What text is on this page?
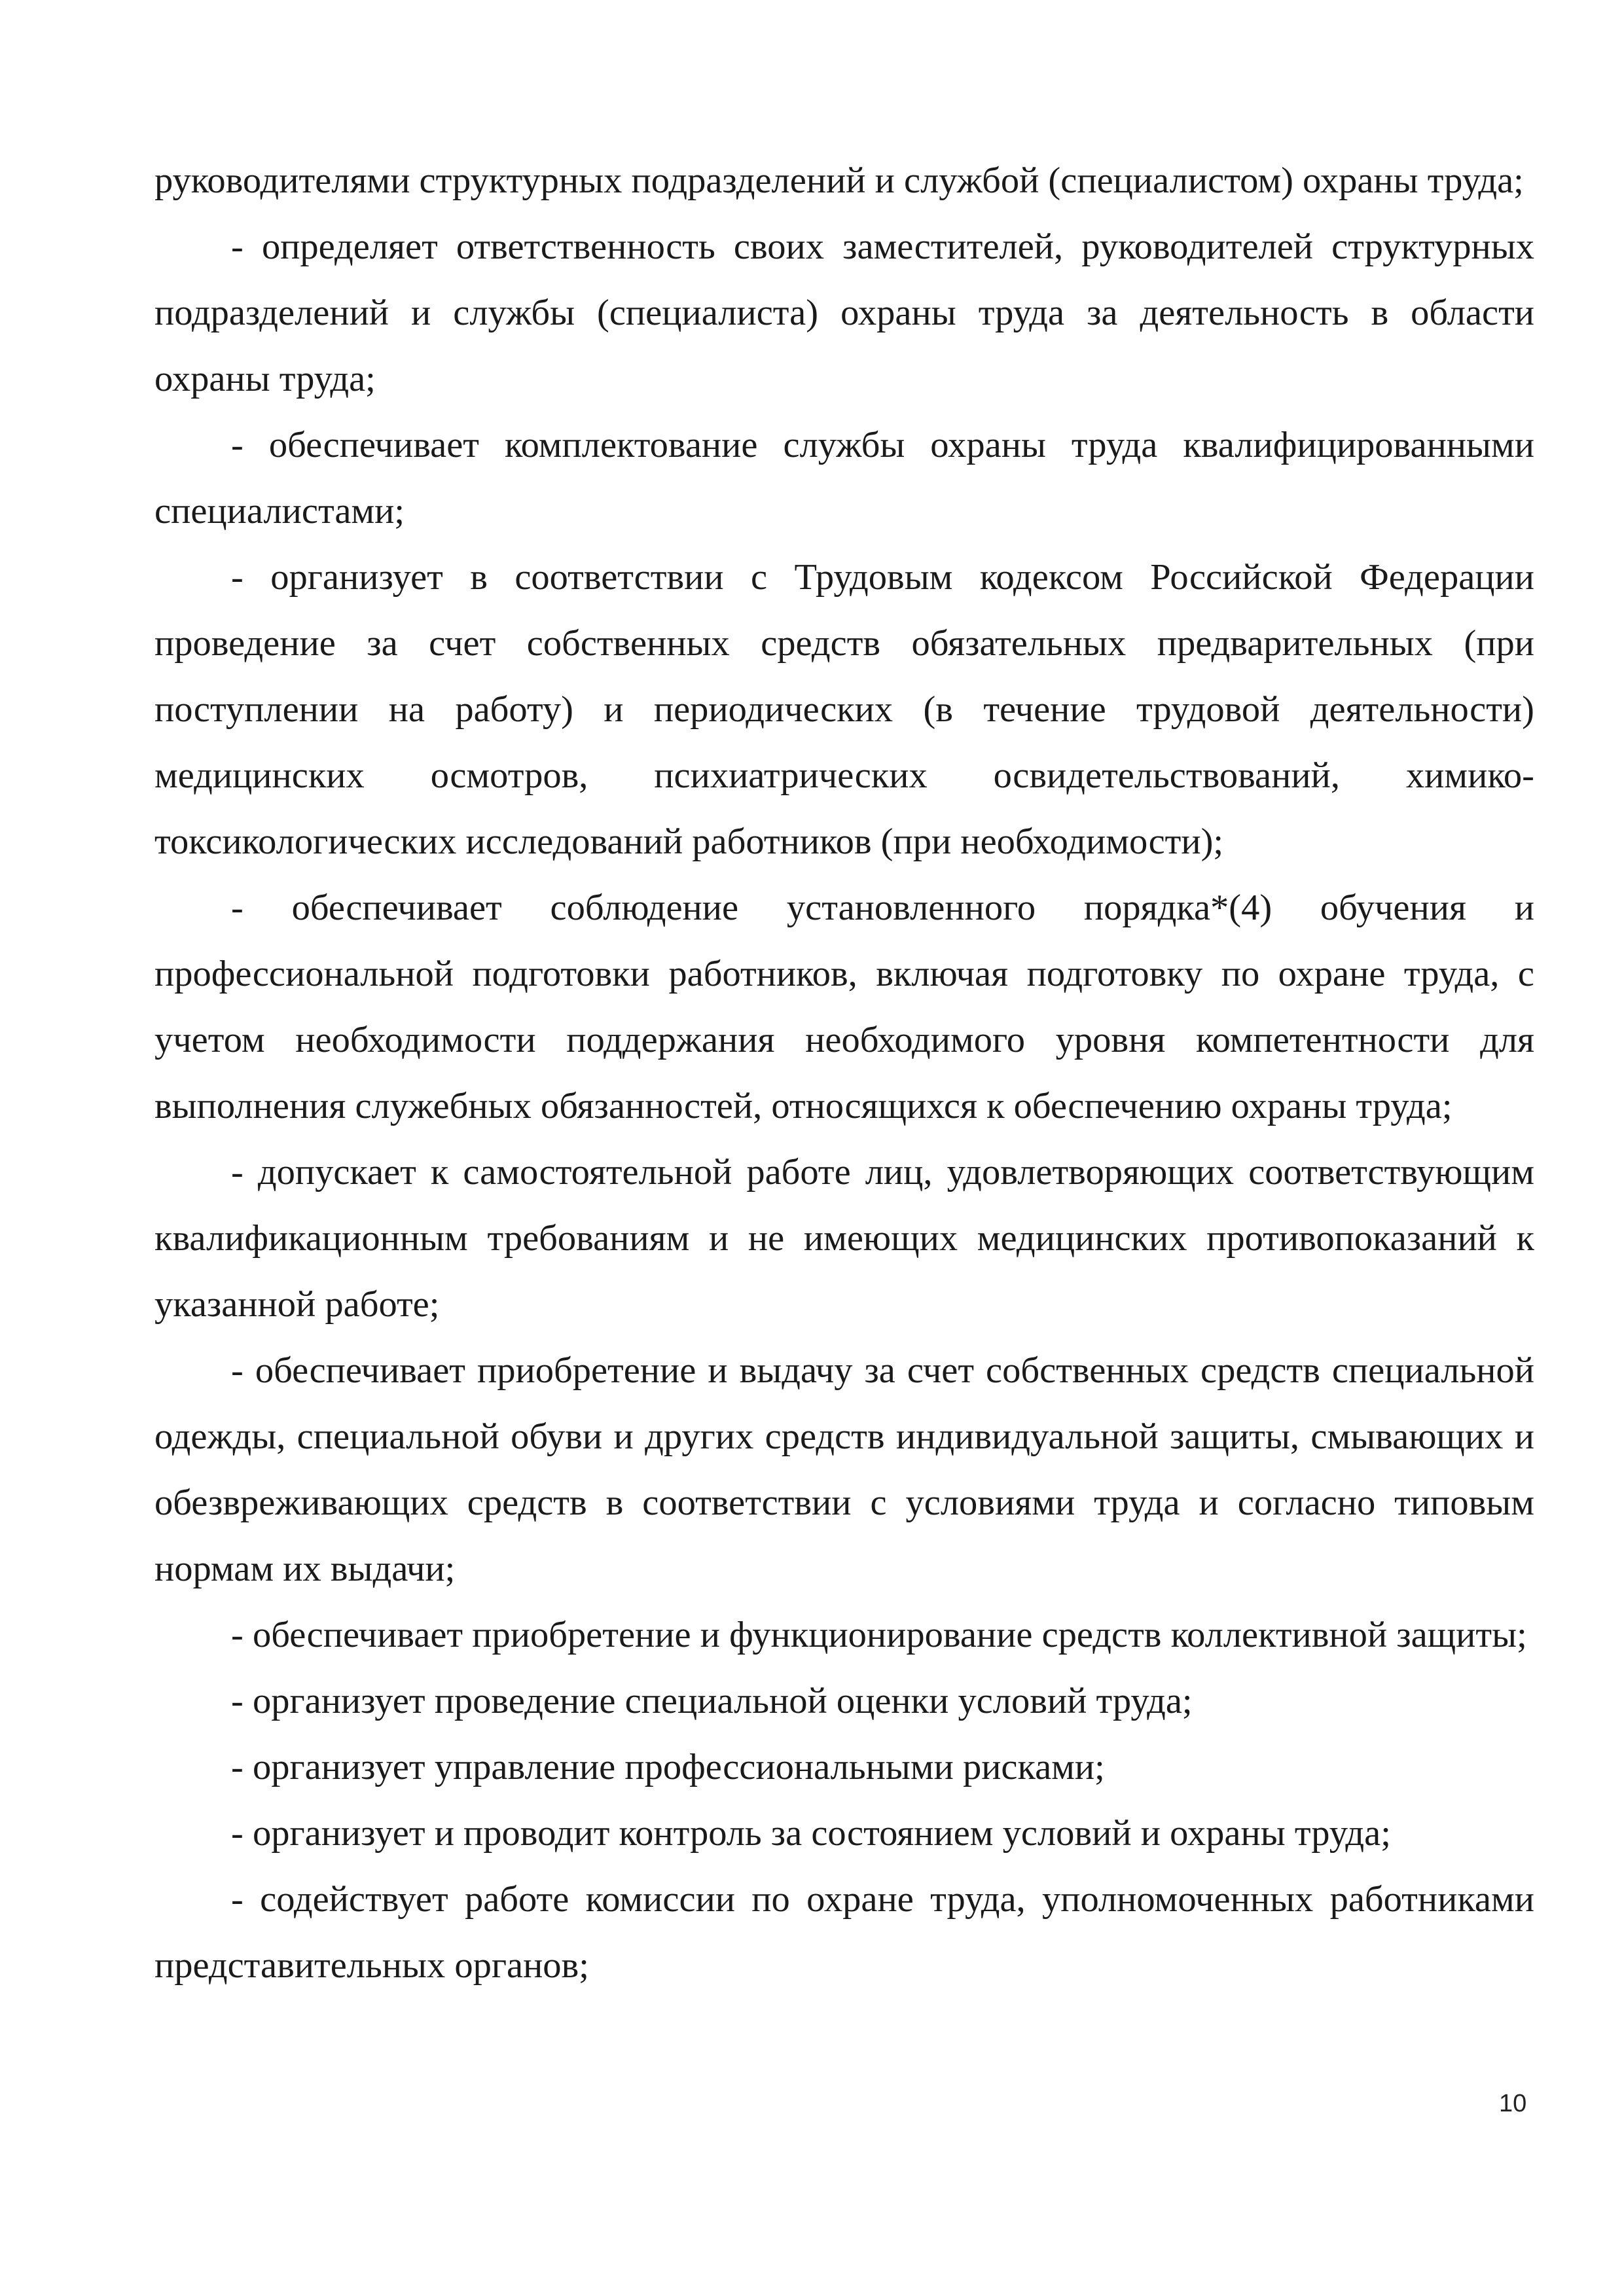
руководителями структурных подразделений и службой (специалистом) охраны труда;

- определяет ответственность своих заместителей, руководителей структурных подразделений и службы (специалиста) охраны труда за деятельность в области охраны труда;

- обеспечивает комплектование службы охраны труда квалифицированными специалистами;

- организует в соответствии с Трудовым кодексом Российской Федерации проведение за счет собственных средств обязательных предварительных (при поступлении на работу) и периодических (в течение трудовой деятельности) медицинских осмотров, психиатрических освидетельствований, химико-токсикологических исследований работников (при необходимости);

- обеспечивает соблюдение установленного порядка*(4) обучения и профессиональной подготовки работников, включая подготовку по охране труда, с учетом необходимости поддержания необходимого уровня компетентности для выполнения служебных обязанностей, относящихся к обеспечению охраны труда;

- допускает к самостоятельной работе лиц, удовлетворяющих соответствующим квалификационным требованиям и не имеющих медицинских противопоказаний к указанной работе;

- обеспечивает приобретение и выдачу за счет собственных средств специальной одежды, специальной обуви и других средств индивидуальной защиты, смывающих и обезвреживающих средств в соответствии с условиями труда и согласно типовым нормам их выдачи;

- обеспечивает приобретение и функционирование средств коллективной защиты;

- организует проведение специальной оценки условий труда;

- организует управление профессиональными рисками;

- организует и проводит контроль за состоянием условий и охраны труда;

- содействует работе комиссии по охране труда, уполномоченных работниками представительных органов;

10
